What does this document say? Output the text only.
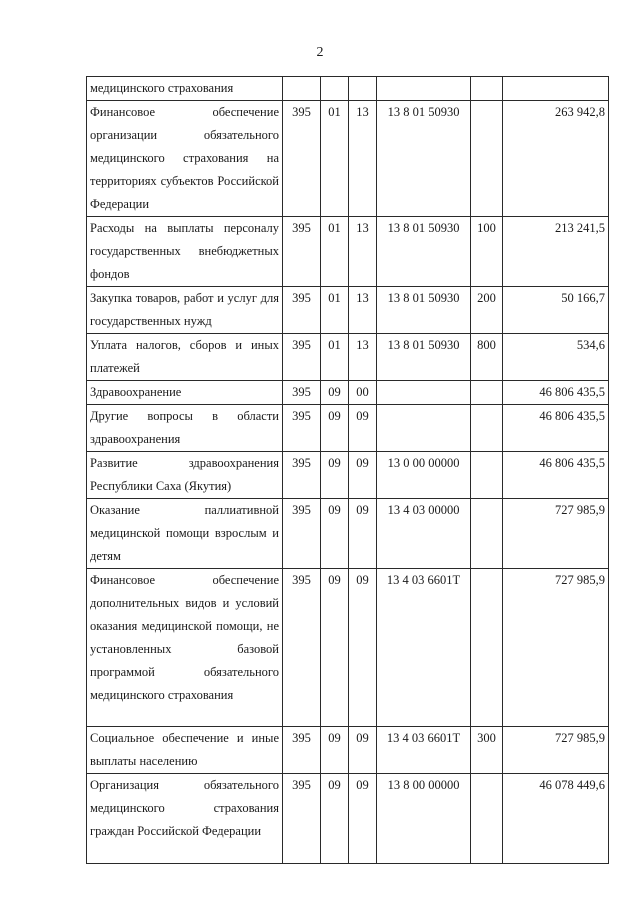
2
медицинского страхования						
Финансовое обеспечение организации обязательного медицинского страхования на территориях субъектов Российской Федерации	395	01	13	13 8 01 50930		263 942,8
Расходы на выплаты персоналу государственных внебюджетных фондов	395	01	13	13 8 01 50930	100	213 241,5
Закупка товаров, работ и услуг для государственных нужд	395	01	13	13 8 01 50930	200	50 166,7
Уплата налогов, сборов и иных платежей	395	01	13	13 8 01 50930	800	534,6
Здравоохранение	395	09	00			46 806 435,5
Другие вопросы в области здравоохранения	395	09	09			46 806 435,5
Развитие здравоохранения Республики Саха (Якутия)	395	09	09	13 0 00 00000		46 806 435,5
Оказание паллиативной медицинской помощи взрослым и детям	395	09	09	13 4 03 00000		727 985,9
Финансовое обеспечение дополнительных видов и условий оказания медицинской помощи, не установленных базовой программой обязательного медицинского страхования	395	09	09	13 4 03 6601Т		727 985,9
Социальное обеспечение и иные выплаты населению	395	09	09	13 4 03 6601Т	300	727 985,9
Организация обязательного медицинского страхования граждан Российской Федерации	395	09	09	13 8 00 00000		46 078 449,6
